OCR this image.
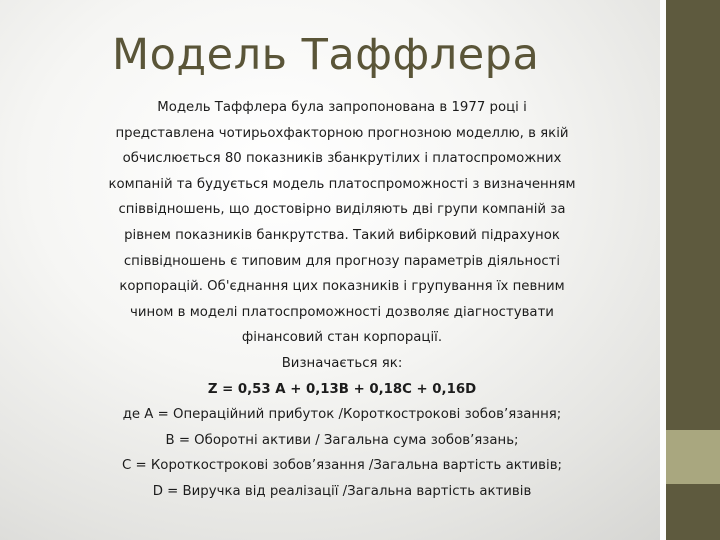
Модель Таффлера

Модель Таффлера була запропонована в 1977 році і

представлена чотирьохфакторною прогнозною моделлю, в якій

обчислюється 80 показників збанкрутілих і платоспроможних

компаній та будується модель платоспроможності з визначенням

співвідношень, що достовірно виділяють дві групи компаній за

рівнем показників банкрутства. Такий вибірковий підрахунок

співвідношень є типовим для прогнозу параметрів діяльності

корпорацій. Об'єднання цих показників і групування їх певним

чином в моделі платоспроможності дозволяє діагностувати

фінансовий стан корпорації.

Визначається як:

Z = 0,53 A + 0,13B + 0,18C + 0,16D

де А = Операційний прибуток /Короткострокові зобов’язання;

В = Оборотні активи / Загальна сума зобов’язань;

С = Короткострокові зобов’язання /Загальна вартість активів;

D = Виручка від реалізації /Загальна вартість активів
